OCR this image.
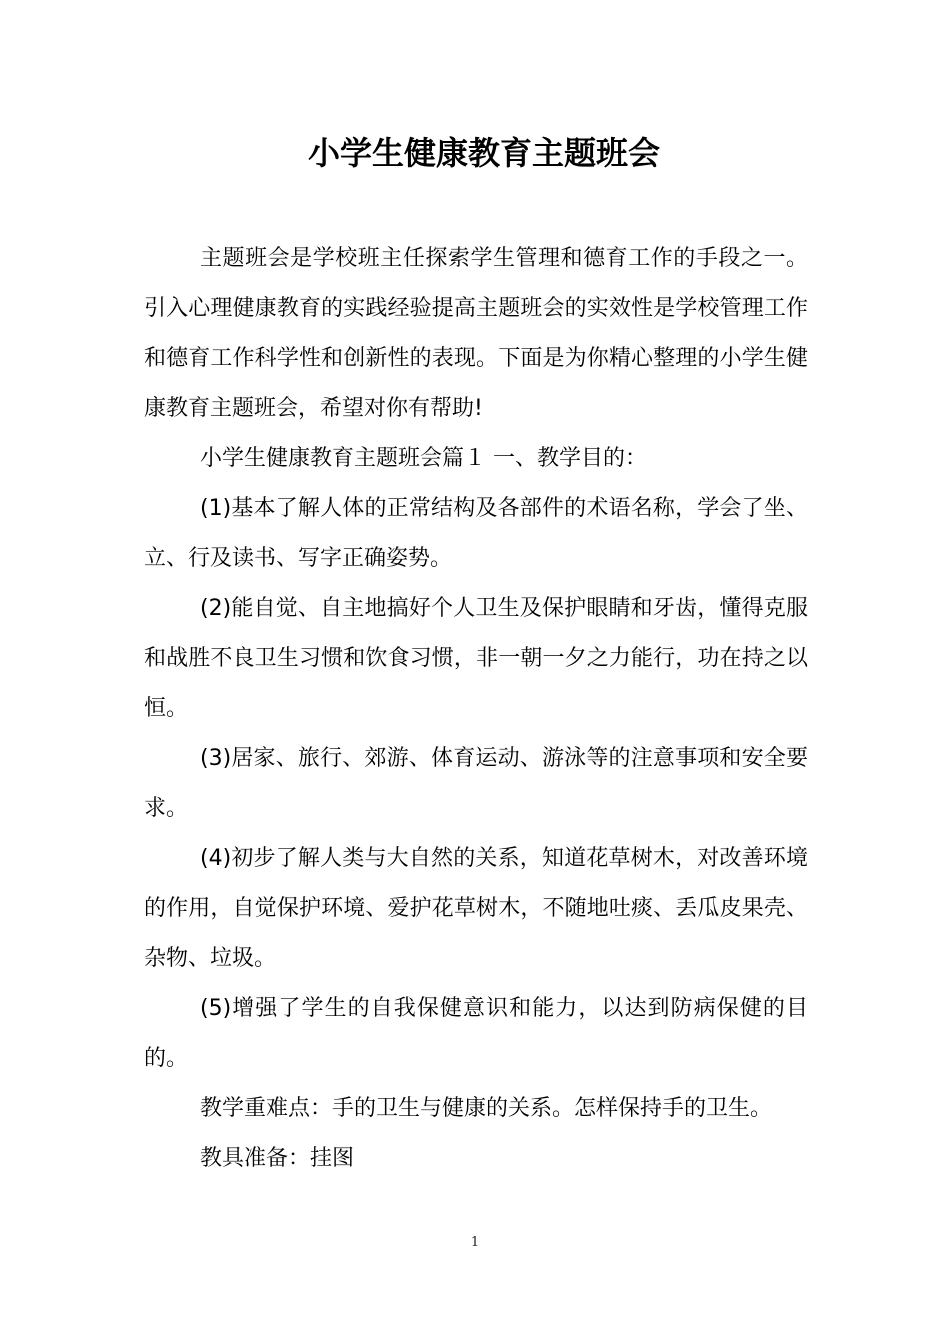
小学生健康教育主题班会

主题班会是学校班主任探索学生管理和德育工作的手段之一。引入心理健康教育的实践经验提高主题班会的实效性是学校管理工作和德育工作科学性和创新性的表现。下面是为你精心整理的小学生健康教育主题班会，希望对你有帮助!

小学生健康教育主题班会篇１ 一、教学目的：

(1)基本了解人体的正常结构及各部件的术语名称，学会了坐、立、行及读书、写字正确姿势。

(2)能自觉、自主地搞好个人卫生及保护眼睛和牙齿，懂得克服和战胜不良卫生习惯和饮食习惯，非一朝一夕之力能行，功在持之以恒。

(3)居家、旅行、郊游、体育运动、游泳等的注意事项和安全要求。

(4)初步了解人类与大自然的关系，知道花草树木，对改善环境的作用，自觉保护环境、爱护花草树木，不随地吐痰、丢瓜皮果壳、杂物、垃圾。

(5)增强了学生的自我保健意识和能力，以达到防病保健的目的。

教学重难点：手的卫生与健康的关系。怎样保持手的卫生。

教具准备：挂图

1
